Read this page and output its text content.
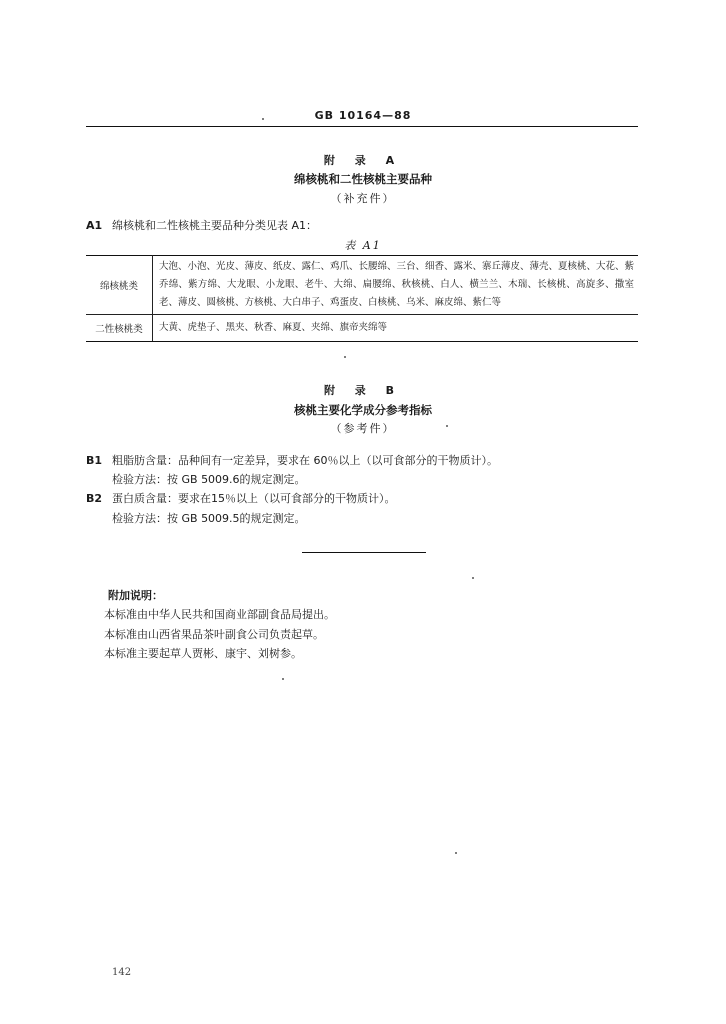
GB 10164—88
附 录 A
绵核桃和二性核桃主要品种
（补充件）
A1 绵核桃和二性核桃主要品种分类见表 A1：
表 A1
绵核桃类	大泡、小泡、光皮、薄皮、纸皮、露仁、鸡爪、长腰绵、三台、细香、露米、寨丘薄皮、薄壳、夏核桃、大花、紫乔绵、紫方绵、大龙眼、小龙眼、老牛、大绵、扁腰绵、秋核桃、白人、横兰兰、木瑞、长核桃、高旋多、撒室老、薄皮、圆核桃、方核桃、大白串子、鸡蛋皮、白核桃、乌米、麻皮绵、紫仁等
二性核桃类	大黄、虎垫子、黑夹、秋香、麻夏、夹绵、旗帝夹绵等
附 录 B
核桃主要化学成分参考指标
（参考件）
B1 粗脂肪含量：品种间有一定差异，要求在 60％以上（以可食部分的干物质计）。
检验方法：按 GB 5009.6的规定测定。
B2 蛋白质含量：要求在15％以上（以可食部分的干物质计）。
检验方法：按 GB 5009.5的规定测定。
附加说明：
本标准由中华人民共和国商业部副食品局提出。
本标准由山西省果品茶叶副食公司负责起草。
本标准主要起草人贾彬、康宇、刘树参。
142
